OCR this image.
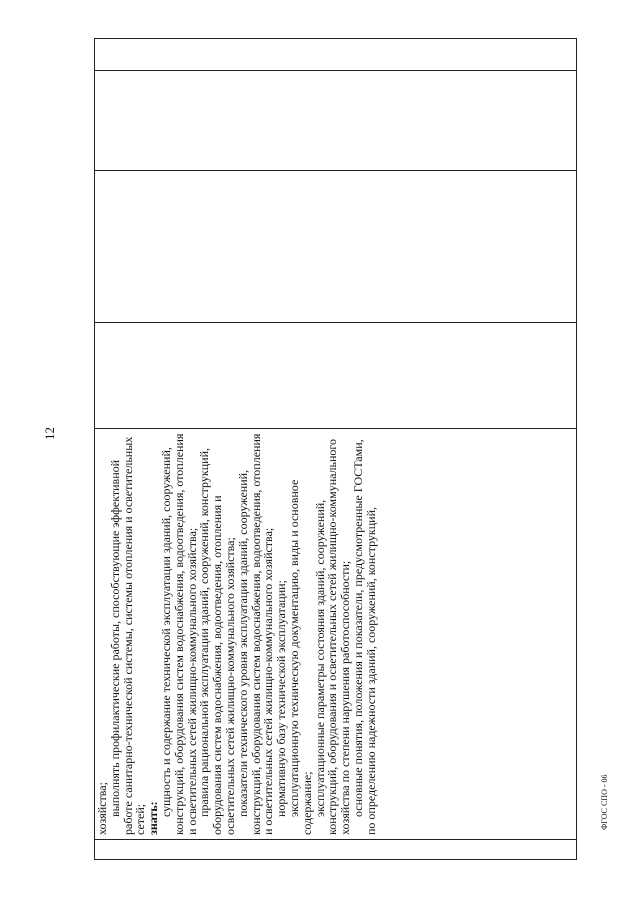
12

хозяйства;
выполнять профилактические работы, способствующие эффективной работе санитарно-технической системы, системы отопления и осветительных сетей;
знать:
сущность и содержание технической эксплуатации зданий, сооружений, конструкций, оборудования систем водоснабжения, водоотведения, отопления и осветительных сетей жилищно-коммунального хозяйства;
правила рациональной эксплуатации зданий, сооружений, конструкций, оборудования систем водоснабжения, водоотведения, отопления и осветительных сетей жилищно-коммунального хозяйства;
показатели технического уровня эксплуатации зданий, сооружений, конструкций, оборудования систем водоснабжения, водоотведения, отопления и осветительных сетей жилищно-коммунального хозяйства;
нормативную базу технической эксплуатации;
эксплуатационную техническую документацию, виды и основное содержание;
эксплуатационные параметры состояния зданий, сооружений, конструкций, оборудования и осветительных сетей жилищно-коммунального хозяйства по степени нарушения работоспособности;
основные понятия, положения и показатели, предусмотренные ГОСТами, по определению надежности зданий, сооружений, конструкций,
					ФГОС СПО - 06
